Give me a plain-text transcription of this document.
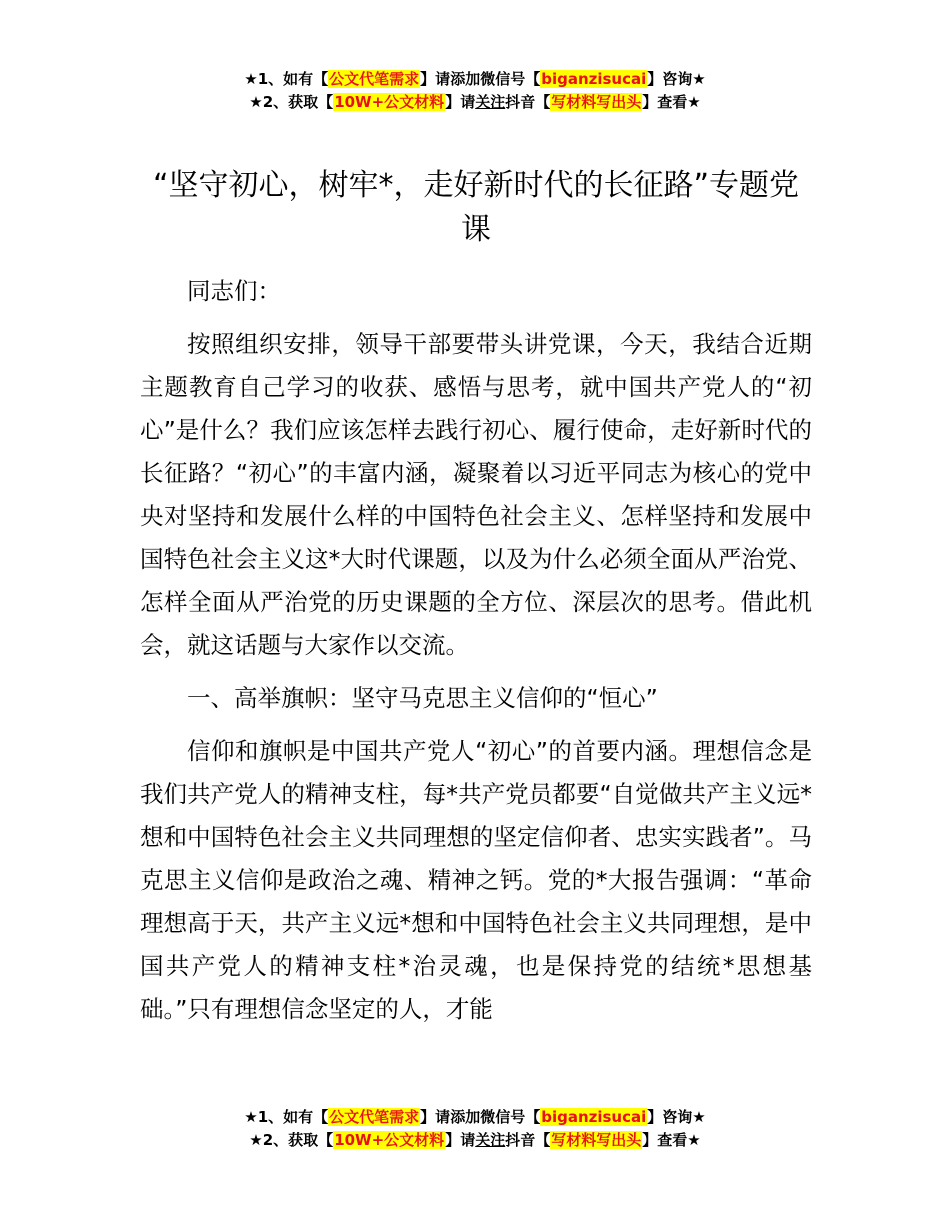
★1、如有【公文代笔需求】请添加微信号【biganzisucai】咨询★
★2、获取【10W+公文材料】请关注抖音【写材料写出头】查看★
“坚守初心，树牢*，走好新时代的长征路”专题党课

同志们：

按照组织安排，领导干部要带头讲党课，今天，我结合近期主题教育自己学习的收获、感悟与思考，就中国共产党人的“初心”是什么？我们应该怎样去践行初心、履行使命，走好新时代的长征路？“初心”的丰富内涵，凝聚着以习近平同志为核心的党中央对坚持和发展什么样的中国特色社会主义、怎样坚持和发展中国特色社会主义这*大时代课题，以及为什么必须全面从严治党、怎样全面从严治党的历史课题的全方位、深层次的思考。借此机会，就这话题与大家作以交流。

一、高举旗帜：坚守马克思主义信仰的“恒心”

信仰和旗帜是中国共产党人“初心”的首要内涵。理想信念是我们共产党人的精神支柱，每*共产党员都要“自觉做共产主义远*想和中国特色社会主义共同理想的坚定信仰者、忠实实践者”。马克思主义信仰是政治之魂、精神之钙。党的*大报告强调：“革命理想高于天，共产主义远*想和中国特色社会主义共同理想，是中国共产党人的精神支柱*治灵魂，也是保持党的结统*思想基础。”只有理想信念坚定的人，才能

★1、如有【公文代笔需求】请添加微信号【biganzisucai】咨询★
★2、获取【10W+公文材料】请关注抖音【写材料写出头】查看★
